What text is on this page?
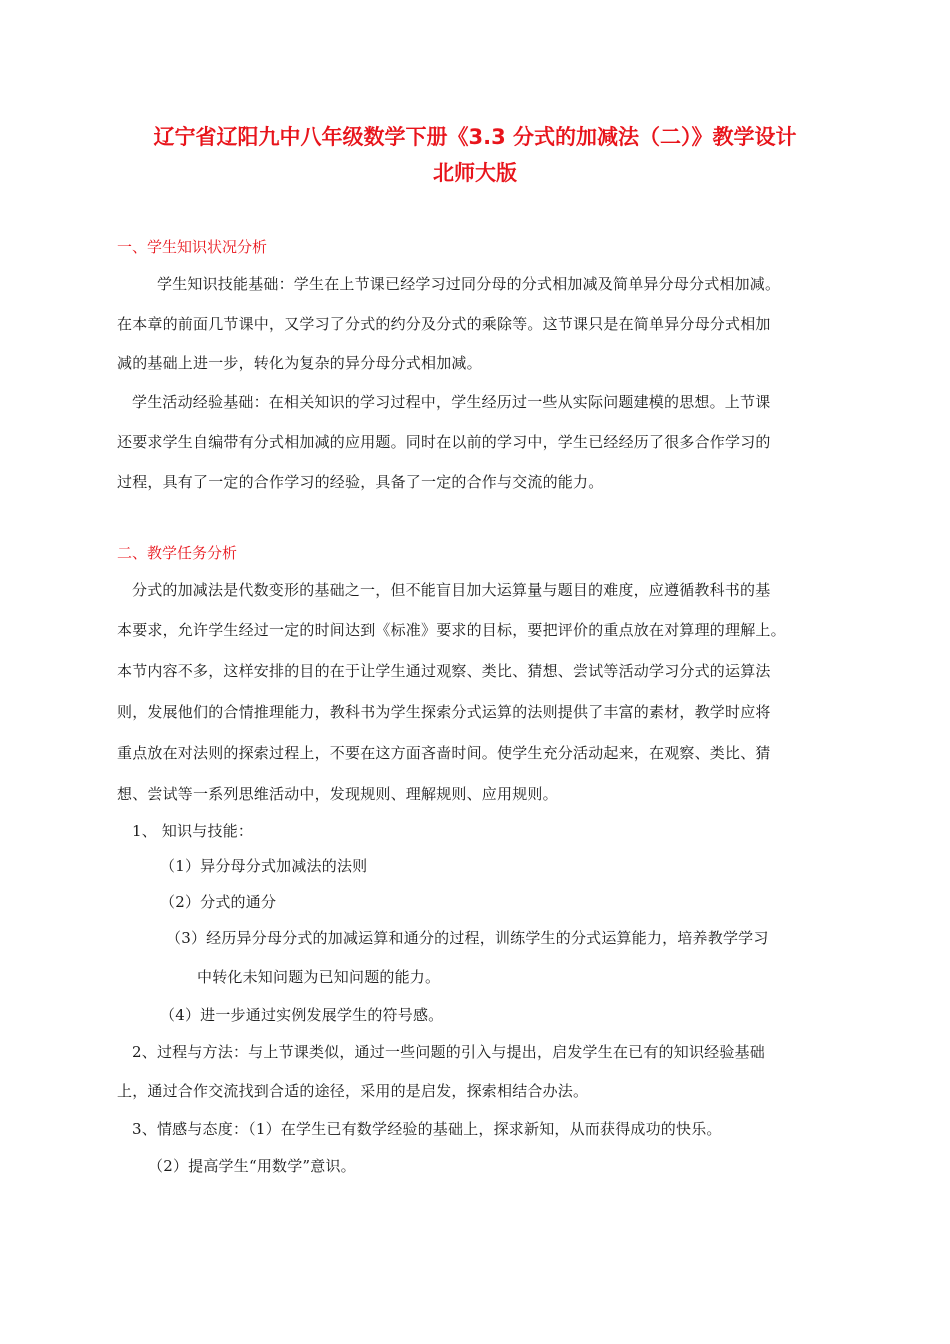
辽宁省辽阳九中八年级数学下册《3.3 分式的加减法（二）》教学设计
北师大版
一、学生知识状况分析
学生知识技能基础：学生在上节课已经学习过同分母的分式相加减及简单异分母分式相加减。
在本章的前面几节课中，又学习了分式的约分及分式的乘除等。这节课只是在简单异分母分式相加
减的基础上进一步，转化为复杂的异分母分式相加减。
学生活动经验基础：在相关知识的学习过程中，学生经历过一些从实际问题建模的思想。上节课
还要求学生自编带有分式相加减的应用题。同时在以前的学习中，学生已经经历了很多合作学习的
过程，具有了一定的合作学习的经验，具备了一定的合作与交流的能力。
二、教学任务分析
分式的加减法是代数变形的基础之一，但不能盲目加大运算量与题目的难度，应遵循教科书的基
本要求，允许学生经过一定的时间达到《标准》要求的目标，要把评价的重点放在对算理的理解上。
本节内容不多，这样安排的目的在于让学生通过观察、类比、猜想、尝试等活动学习分式的运算法
则，发展他们的合情推理能力，教科书为学生探索分式运算的法则提供了丰富的素材，教学时应将
重点放在对法则的探索过程上，不要在这方面吝啬时间。使学生充分活动起来，在观察、类比、猜
想、尝试等一系列思维活动中，发现规则、理解规则、应用规则。
1、 知识与技能：
（1）异分母分式加减法的法则
（2）分式的通分
（3）经历异分母分式的加减运算和通分的过程，训练学生的分式运算能力，培养教学学习
中转化未知问题为已知问题的能力。
（4）进一步通过实例发展学生的符号感。
2、过程与方法：与上节课类似，通过一些问题的引入与提出，启发学生在已有的知识经验基础
上，通过合作交流找到合适的途径，采用的是启发，探索相结合办法。
3、情感与态度：（1）在学生已有数学经验的基础上，探求新知，从而获得成功的快乐。
（2）提高学生“用数学”意识。
